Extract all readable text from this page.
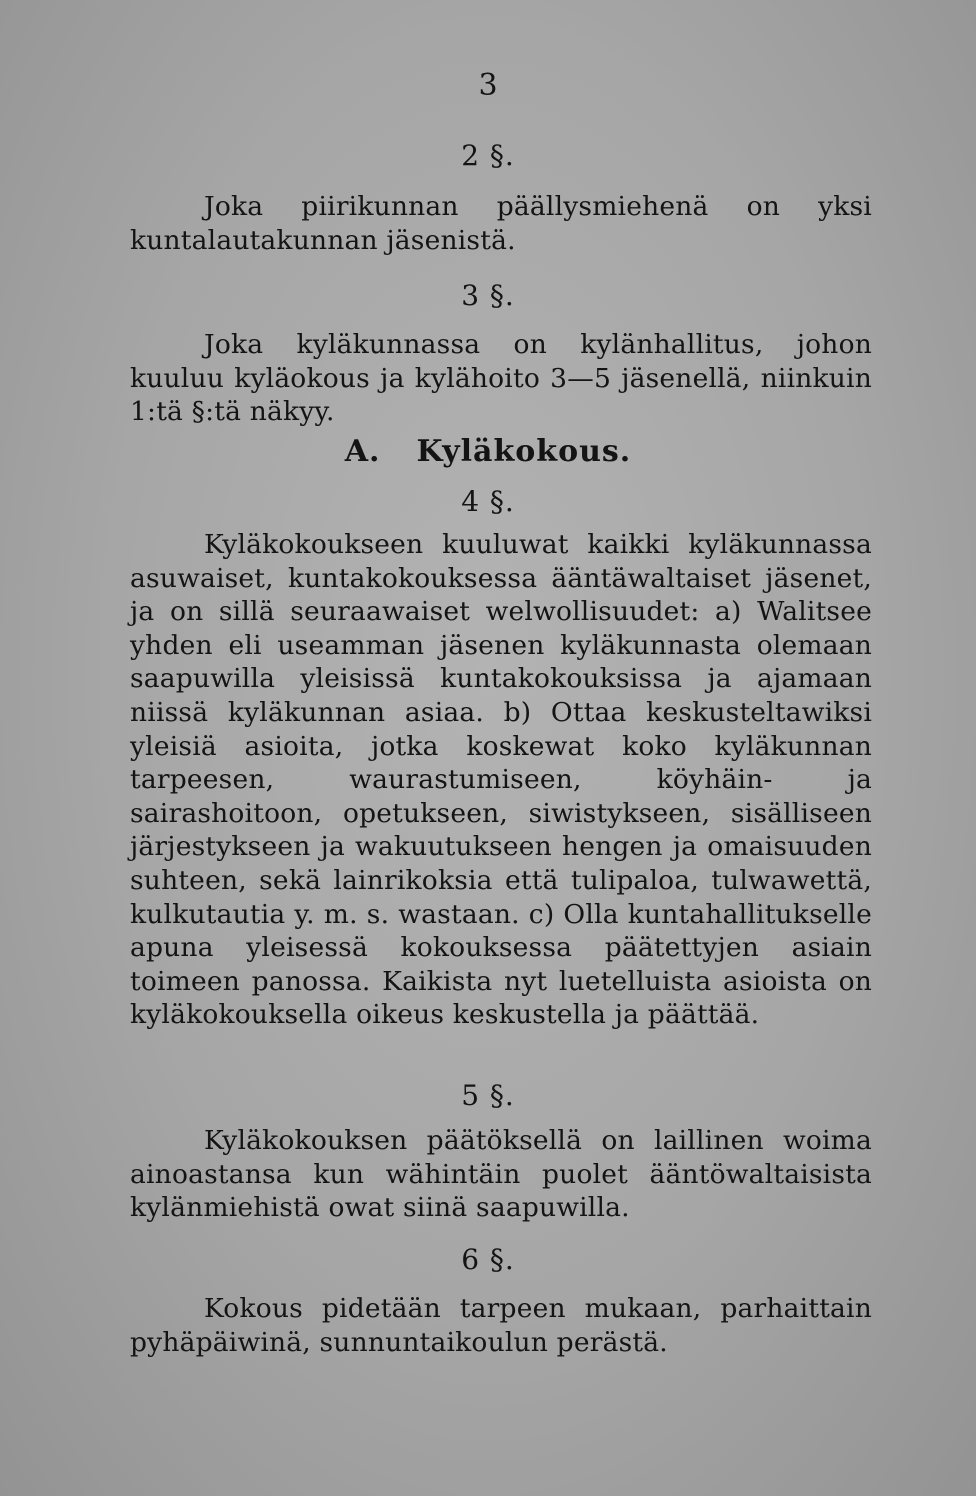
3
2 §.

Joka piirikunnan päällysmiehenä on yksi kuntalautakunnan jäsenistä.

3 §.

Joka kyläkunnassa on kylänhallitus, johon kuuluu kyläokous ja kylähoito 3—5 jäsenellä, niinkuin 1:tä §:tä näkyy.

A. Kyläkokous.
4 §.

Kyläkokoukseen kuuluwat kaikki kyläkunnassa asuwaiset, kuntakokouksessa ääntäwaltaiset jäsenet, ja on sillä seuraawaiset welwollisuudet: a) Walitsee yhden eli useamman jäsenen kyläkunnasta olemaan saapuwilla yleisissä kuntakokouksissa ja ajamaan niissä kyläkunnan asiaa. b) Ottaa keskusteltawiksi yleisiä asioita, jotka koskewat koko kyläkunnan tarpeesen, waurastumiseen, köyhäin- ja sairashoitoon, opetukseen, siwistykseen, sisälliseen järjestykseen ja wakuutukseen hengen ja omaisuuden suhteen, sekä lainrikoksia että tulipaloa, tulwawettä, kulkutautia y. m. s. wastaan. c) Olla kuntahallitukselle apuna yleisessä kokouksessa päätettyjen asiain toimeen panossa. Kaikista nyt luetelluista asioista on kyläkokouksella oikeus keskustella ja päättää.

5 §.

Kyläkokouksen päätöksellä on laillinen woima ainoastansa kun wähintäin puolet ääntöwaltaisista kylänmiehistä owat siinä saapuwilla.

6 §.

Kokous pidetään tarpeen mukaan, parhaittain pyhäpäiwinä, sunnuntaikoulun perästä.
